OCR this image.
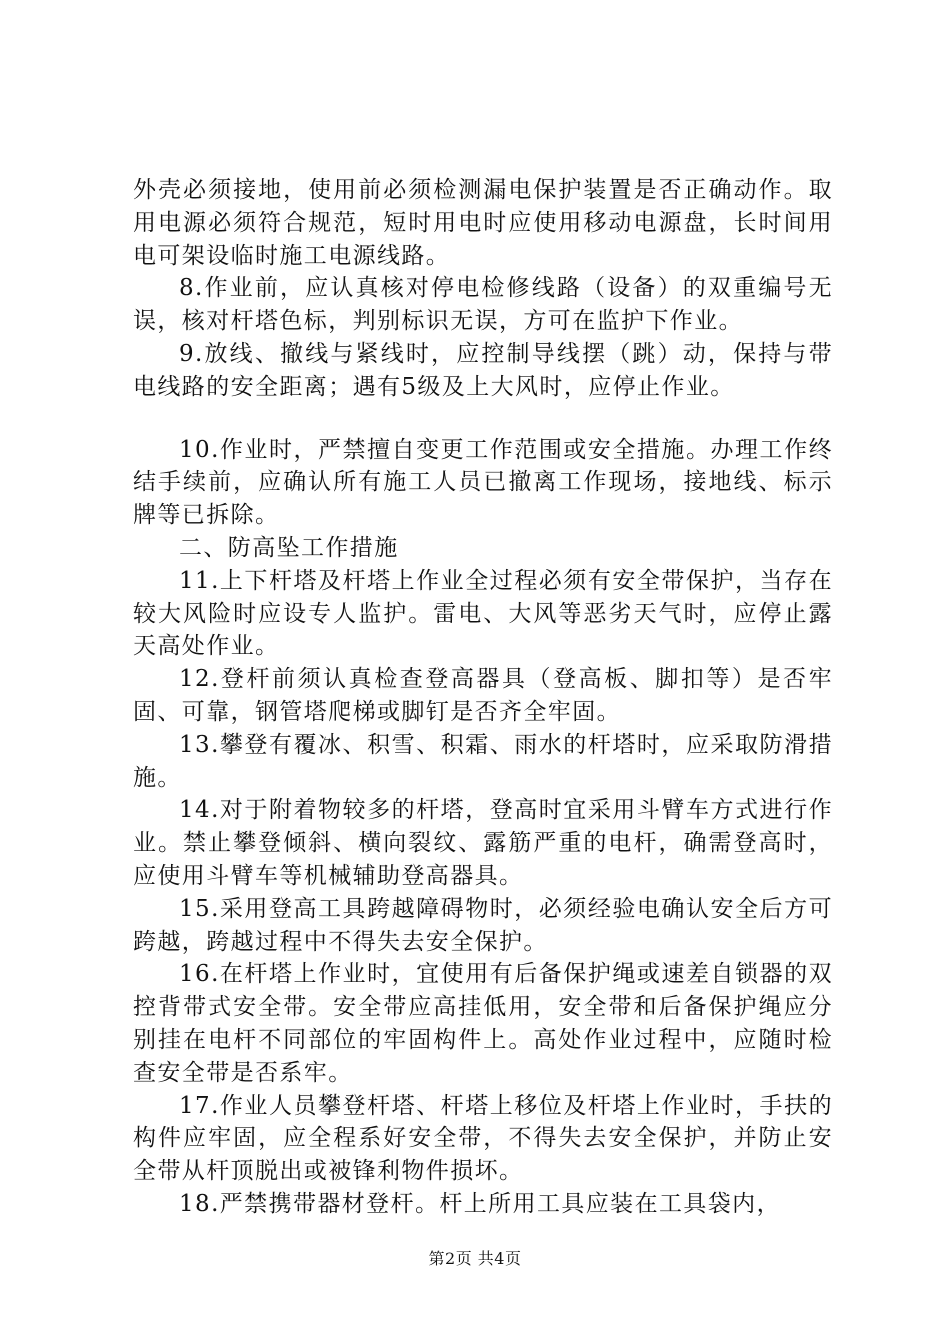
外壳必须接地，使用前必须检测漏电保护装置是否正确动作。取用电源必须符合规范，短时用电时应使用移动电源盘，长时间用电可架设临时施工电源线路。

8.作业前，应认真核对停电检修线路（设备）的双重编号无误，核对杆塔色标，判别标识无误，方可在监护下作业。

9.放线、撤线与紧线时，应控制导线摆（跳）动，保持与带电线路的安全距离；遇有5级及上大风时，应停止作业。

10.作业时，严禁擅自变更工作范围或安全措施。办理工作终结手续前，应确认所有施工人员已撤离工作现场，接地线、标示牌等已拆除。

二、防高坠工作措施

11.上下杆塔及杆塔上作业全过程必须有安全带保护，当存在较大风险时应设专人监护。雷电、大风等恶劣天气时，应停止露天高处作业。

12.登杆前须认真检查登高器具（登高板、脚扣等）是否牢固、可靠，钢管塔爬梯或脚钉是否齐全牢固。

13.攀登有覆冰、积雪、积霜、雨水的杆塔时，应采取防滑措施。

14.对于附着物较多的杆塔，登高时宜采用斗臂车方式进行作业。禁止攀登倾斜、横向裂纹、露筋严重的电杆，确需登高时，应使用斗臂车等机械辅助登高器具。

15.采用登高工具跨越障碍物时，必须经验电确认安全后方可跨越，跨越过程中不得失去安全保护。

16.在杆塔上作业时，宜使用有后备保护绳或速差自锁器的双控背带式安全带。安全带应高挂低用，安全带和后备保护绳应分别挂在电杆不同部位的牢固构件上。高处作业过程中，应随时检查安全带是否系牢。

17.作业人员攀登杆塔、杆塔上移位及杆塔上作业时，手扶的构件应牢固，应全程系好安全带，不得失去安全保护，并防止安全带从杆顶脱出或被锋利物件损坏。

18.严禁携带器材登杆。杆上所用工具应装在工具袋内，

第2页 共4页
